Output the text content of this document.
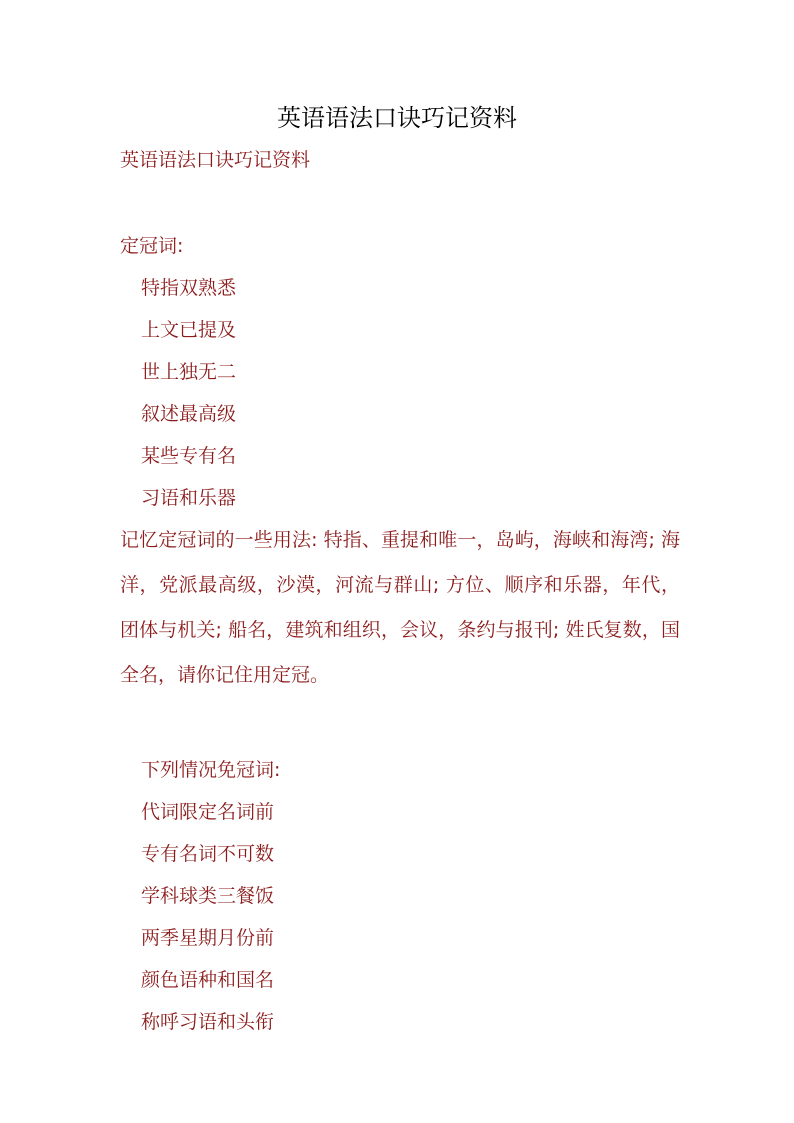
英语语法口诀巧记资料

英语语法口诀巧记资料

定冠词:

特指双熟悉

上文已提及

世上独无二

叙述最高级

某些专有名

习语和乐器

记忆定冠词的一些用法: 特指、重提和唯一，岛屿，海峡和海湾; 海洋，党派最高级，沙漠，河流与群山; 方位、顺序和乐器，年代，团体与机关; 船名，建筑和组织，会议，条约与报刊; 姓氏复数，国全名，请你记住用定冠。

下列情况免冠词:

代词限定名词前

专有名词不可数

学科球类三餐饭

两季星期月份前

颜色语种和国名

称呼习语和头衔
